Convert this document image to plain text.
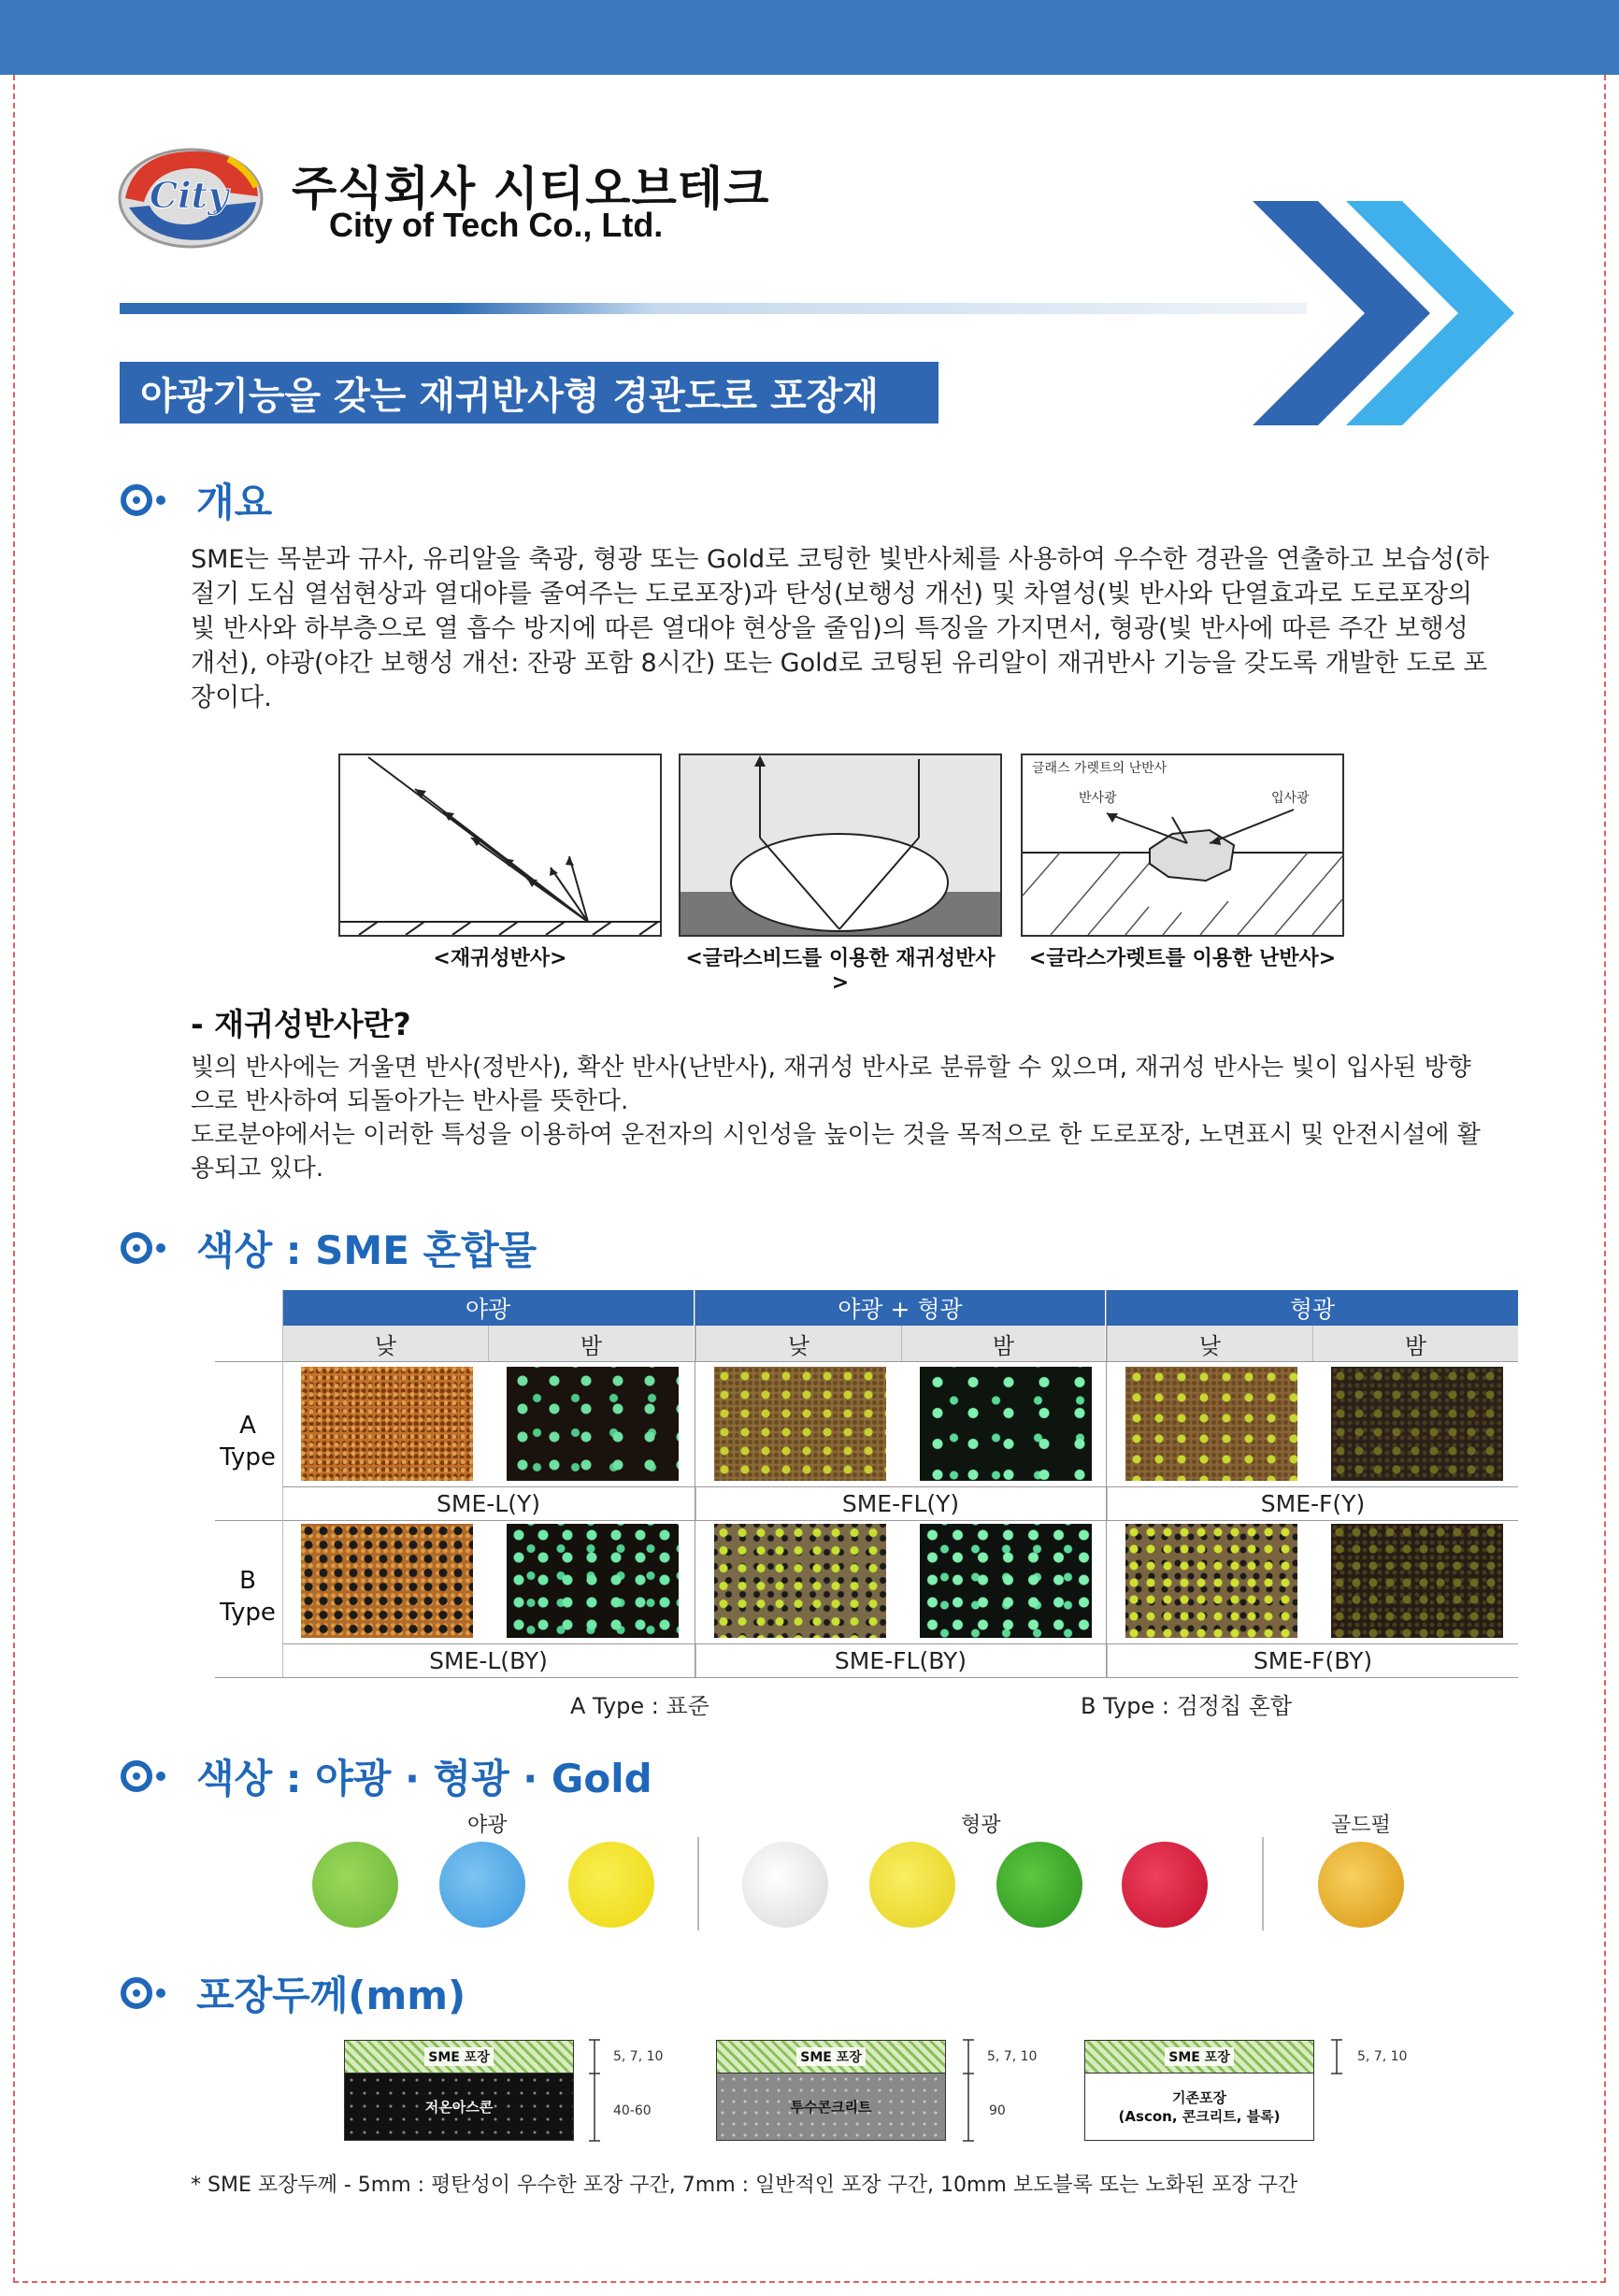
City 주식회사 시티오브테크
City of Tech Co., Ltd.
야광기능을 갖는 재귀반사형 경관도로 포장재
개요
SME는 목분과 규사, 유리알을 축광, 형광 또는 Gold로 코팅한 빛반사체를 사용하여 우수한 경관을 연출하고 보습성(하절기 도심 열섬현상과 열대야를 줄여주는 도로포장)과 탄성(보행성 개선) 및 차열성(빛 반사와 단열효과로 도로포장의 빛 반사와 하부층으로 열 흡수 방지에 따른 열대야 현상을 줄임)의 특징을 가지면서, 형광(빛 반사에 따른 주간 보행성 개선), 야광(야간 보행성 개선: 잔광 포함 8시간) 또는 Gold로 코팅된 유리알이 재귀반사 기능을 갖도록 개발한 도로 포장이다.
<재귀성반사>	<글라스비드를 이용한 재귀성반사>
글래스 가렛트의 난반사
반사광	입사광
<글라스가렛트를 이용한 난반사>
- 재귀성반사란?
빛의 반사에는 거울면 반사(정반사), 확산 반사(난반사), 재귀성 반사로 분류할 수 있으며, 재귀성 반사는 빛이 입사된 방향으로 반사하여 되돌아가는 반사를 뜻한다.
도로분야에서는 이러한 특성을 이용하여 운전자의 시인성을 높이는 것을 목적으로 한 도로포장, 노면표시 및 안전시설에 활용되고 있다.
색상 : SME 혼합물
야광	야광 + 형광	형광
낮	밤	낮	밤	낮	밤
A Type
B Type
SME-L(Y)	SME-FL(Y)	SME-F(Y)
SME-L(BY)	SME-FL(BY)	SME-F(BY)
A Type : 표준	B Type : 검정칩 혼합
색상 : 야광 · 형광 · Gold
야광	형광	골드펄
포장두께(mm)
SME 포장
저온아스콘
5, 7, 10
40-60
SME 포장
투수콘크리트
5, 7, 10
90
SME 포장
기존포장
(Ascon, 콘크리트, 블록)
5, 7, 10
* SME 포장두께 - 5mm : 평탄성이 우수한 포장 구간, 7mm : 일반적인 포장 구간, 10mm 보도블록 또는 노화된 포장 구간
